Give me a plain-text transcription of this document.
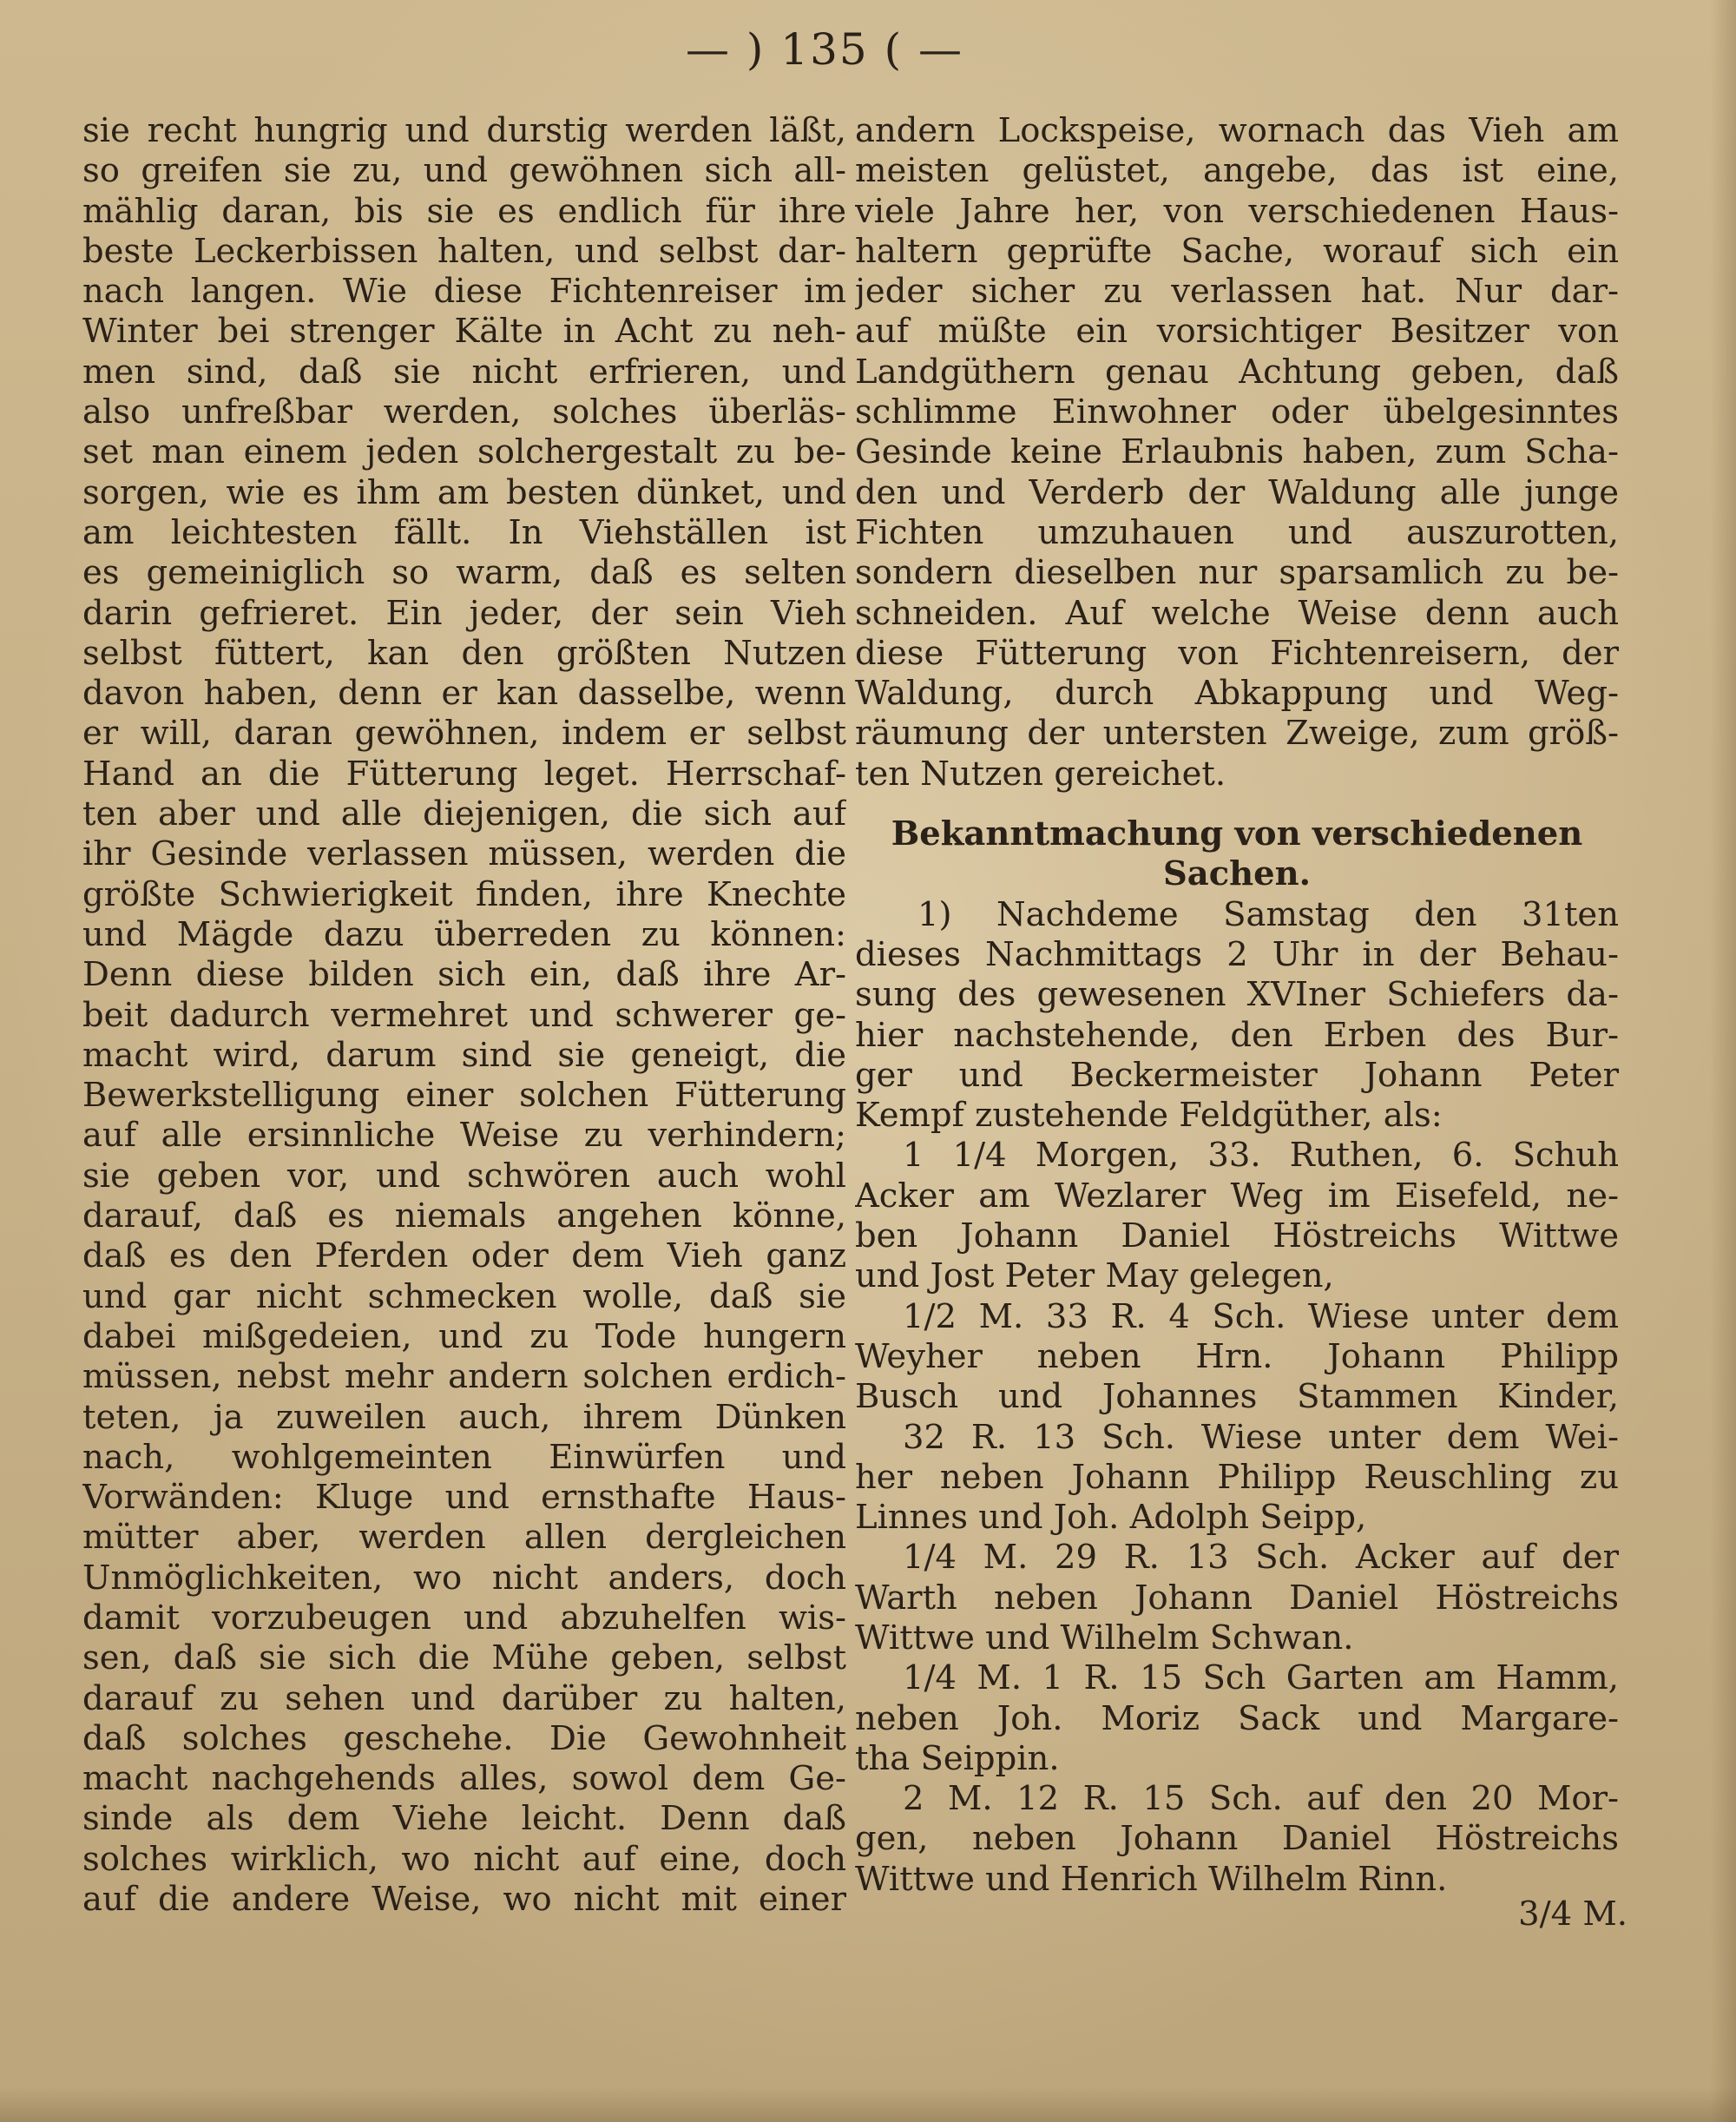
— ) 135 ( —
sie recht hungrig und durstig werden läßt,
so greifen sie zu, und gewöhnen sich all-
mählig daran, bis sie es endlich für ihre
beste Leckerbissen halten, und selbst dar-
nach langen. Wie diese Fichtenreiser im
Winter bei strenger Kälte in Acht zu neh-
men sind, daß sie nicht erfrieren, und
also unfreßbar werden, solches überläs-
set man einem jeden solchergestalt zu be-
sorgen, wie es ihm am besten dünket, und
am leichtesten fällt. In Viehställen ist
es gemeiniglich so warm, daß es selten
darin gefrieret. Ein jeder, der sein Vieh
selbst füttert, kan den größten Nutzen
davon haben, denn er kan dasselbe, wenn
er will, daran gewöhnen, indem er selbst
Hand an die Fütterung leget. Herrschaf-
ten aber und alle diejenigen, die sich auf
ihr Gesinde verlassen müssen, werden die
größte Schwierigkeit finden, ihre Knechte
und Mägde dazu überreden zu können:
Denn diese bilden sich ein, daß ihre Ar-
beit dadurch vermehret und schwerer ge-
macht wird, darum sind sie geneigt, die
Bewerkstelligung einer solchen Fütterung
auf alle ersinnliche Weise zu verhindern;
sie geben vor, und schwören auch wohl
darauf, daß es niemals angehen könne,
daß es den Pferden oder dem Vieh ganz
und gar nicht schmecken wolle, daß sie
dabei mißgedeien, und zu Tode hungern
müssen, nebst mehr andern solchen erdich-
teten, ja zuweilen auch, ihrem Dünken
nach, wohlgemeinten Einwürfen und
Vorwänden: Kluge und ernsthafte Haus-
mütter aber, werden allen dergleichen
Unmöglichkeiten, wo nicht anders, doch
damit vorzubeugen und abzuhelfen wis-
sen, daß sie sich die Mühe geben, selbst
darauf zu sehen und darüber zu halten,
daß solches geschehe. Die Gewohnheit
macht nachgehends alles, sowol dem Ge-
sinde als dem Viehe leicht. Denn daß
solches wirklich, wo nicht auf eine, doch
auf die andere Weise, wo nicht mit einer
andern Lockspeise, wornach das Vieh am
meisten gelüstet, angebe, das ist eine,
viele Jahre her, von verschiedenen Haus-
haltern geprüfte Sache, worauf sich ein
jeder sicher zu verlassen hat. Nur dar-
auf müßte ein vorsichtiger Besitzer von
Landgüthern genau Achtung geben, daß
schlimme Einwohner oder übelgesinntes
Gesinde keine Erlaubnis haben, zum Scha-
den und Verderb der Waldung alle junge
Fichten umzuhauen und auszurotten,
sondern dieselben nur sparsamlich zu be-
schneiden. Auf welche Weise denn auch
diese Fütterung von Fichtenreisern, der
Waldung, durch Abkappung und Weg-
räumung der untersten Zweige, zum größ-
ten Nutzen gereichet.
Bekanntmachung von verschiedenen
Sachen.
1) Nachdeme Samstag den 31ten
dieses Nachmittags 2 Uhr in der Behau-
sung des gewesenen XVIner Schiefers da-
hier nachstehende, den Erben des Bur-
ger und Beckermeister Johann Peter
Kempf zustehende Feldgüther, als:
1 1/4 Morgen, 33. Ruthen, 6. Schuh
Acker am Wezlarer Weg im Eisefeld, ne-
ben Johann Daniel Höstreichs Wittwe
und Jost Peter May gelegen,
1/2 M. 33 R. 4 Sch. Wiese unter dem
Weyher neben Hrn. Johann Philipp
Busch und Johannes Stammen Kinder,
32 R. 13 Sch. Wiese unter dem Wei-
her neben Johann Philipp Reuschling zu
Linnes und Joh. Adolph Seipp,
1/4 M. 29 R. 13 Sch. Acker auf der
Warth neben Johann Daniel Höstreichs
Wittwe und Wilhelm Schwan.
1/4 M. 1 R. 15 Sch Garten am Hamm,
neben Joh. Moriz Sack und Margare-
tha Seippin.
2 M. 12 R. 15 Sch. auf den 20 Mor-
gen, neben Johann Daniel Höstreichs
Wittwe und Henrich Wilhelm Rinn.
3/4 M.
